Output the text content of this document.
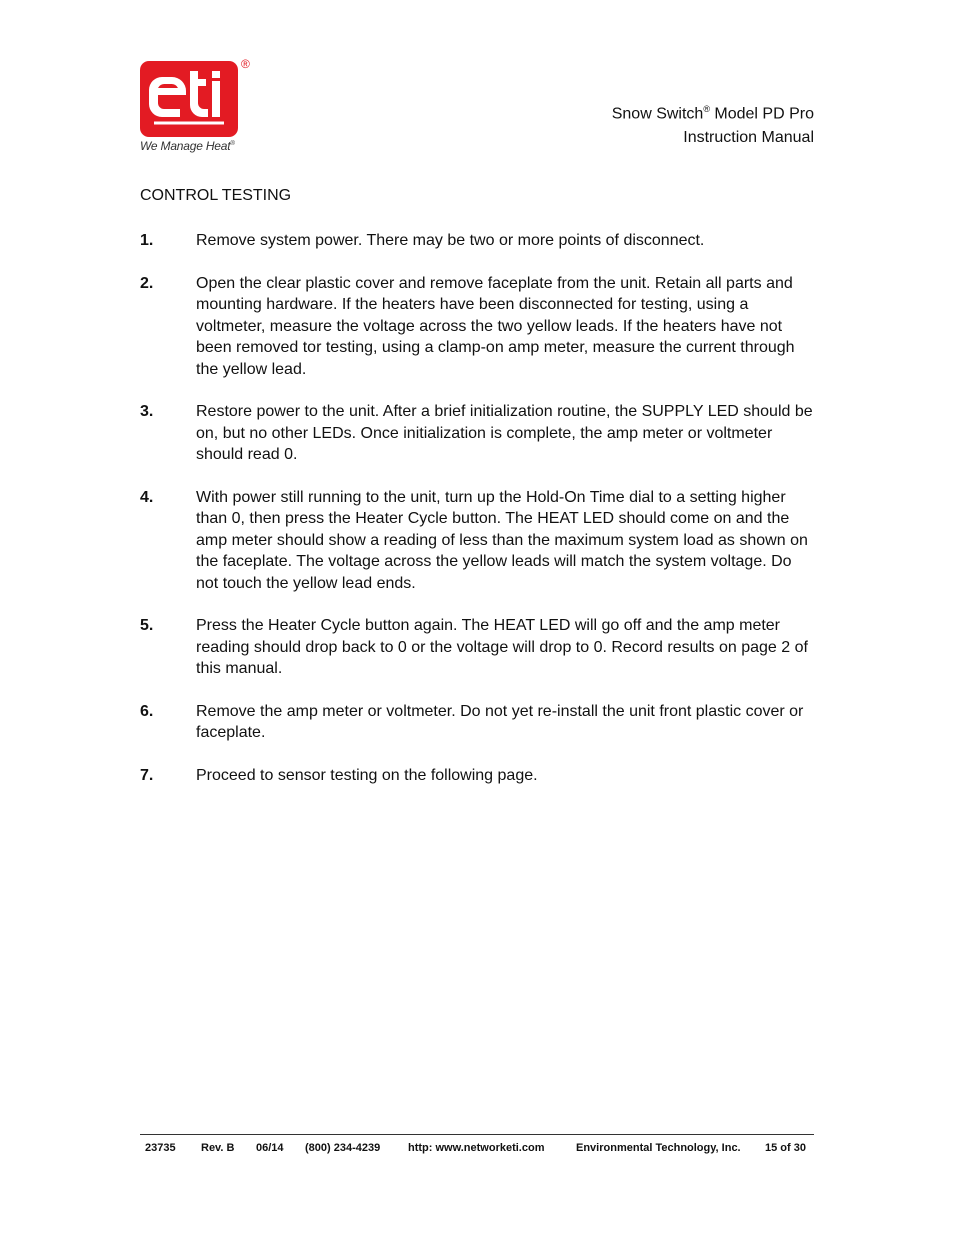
®
We Manage Heat®
Snow Switch® Model PD Pro
Instruction Manual
CONTROL TESTING
1.	Remove system power. There may be two or more points of disconnect.
2.	Open the clear plastic cover and remove faceplate from the unit. Retain all parts and mounting hardware. If the heaters have been disconnected for testing, using a voltmeter, measure the voltage across the two yellow leads. If the heaters have not been removed tor testing, using a clamp-on amp meter, measure the current through the yellow lead.
3.	Restore power to the unit. After a brief initialization routine, the SUPPLY LED should be on, but no other LEDs. Once initialization is complete, the amp meter or voltmeter should read 0.
4.	With power still running to the unit, turn up the Hold-On Time dial to a setting higher than 0, then press the Heater Cycle button. The HEAT LED should come on and the amp meter should show a reading of less than the maximum system load as shown on the faceplate. The voltage across the yellow leads will match the system voltage. Do not touch the yellow lead ends.
5.	Press the Heater Cycle button again. The HEAT LED will go off and the amp meter reading should drop back to 0 or the voltage will drop to 0. Record results on page 2 of this manual.
6.	Remove the amp meter or voltmeter. Do not yet re-install the unit front plastic cover or faceplate.
7.	Proceed to sensor testing on the following page.
23735 Rev. B 06/14 (800) 234-4239	http: www.networketi.com	Environmental Technology, Inc. 15 of 30
